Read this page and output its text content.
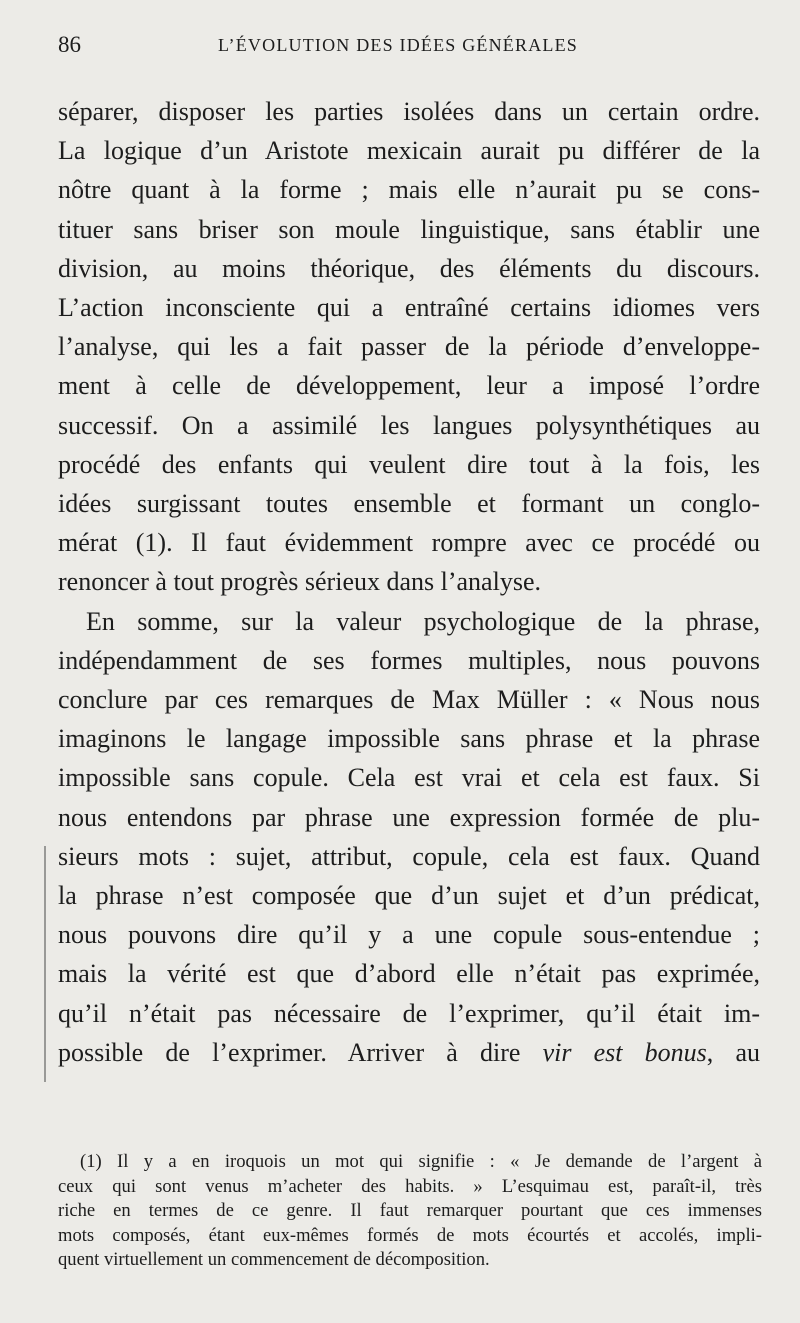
86	L’ÉVOLUTION DES IDÉES GÉNÉRALES
séparer, disposer les parties isolées dans un certain ordre.
La logique d’un Aristote mexicain aurait pu différer de la
nôtre quant à la forme ; mais elle n’aurait pu se cons-
tituer sans briser son moule linguistique, sans établir une
division, au moins théorique, des éléments du discours.
L’action inconsciente qui a entraîné certains idiomes vers
l’analyse, qui les a fait passer de la période d’enveloppe-
ment à celle de développement, leur a imposé l’ordre
successif. On a assimilé les langues polysynthétiques au
procédé des enfants qui veulent dire tout à la fois, les
idées surgissant toutes ensemble et formant un conglo-
mérat (1). Il faut évidemment rompre avec ce procédé ou
renoncer à tout progrès sérieux dans l’analyse.
En somme, sur la valeur psychologique de la phrase,
indépendamment de ses formes multiples, nous pouvons
conclure par ces remarques de Max Müller : « Nous nous
imaginons le langage impossible sans phrase et la phrase
impossible sans copule. Cela est vrai et cela est faux. Si
nous entendons par phrase une expression formée de plu-
sieurs mots : sujet, attribut, copule, cela est faux. Quand
la phrase n’est composée que d’un sujet et d’un prédicat,
nous pouvons dire qu’il y a une copule sous-entendue ;
mais la vérité est que d’abord elle n’était pas exprimée,
qu’il n’était pas nécessaire de l’exprimer, qu’il était im-
possible de l’exprimer. Arriver à dire vir est bonus, au
(1) Il y a en iroquois un mot qui signifie : « Je demande de l’argent à
ceux qui sont venus m’acheter des habits. » L’esquimau est, paraît-il, très
riche en termes de ce genre. Il faut remarquer pourtant que ces immenses
mots composés, étant eux-mêmes formés de mots écourtés et accolés, impli-
quent virtuellement un commencement de décomposition.
